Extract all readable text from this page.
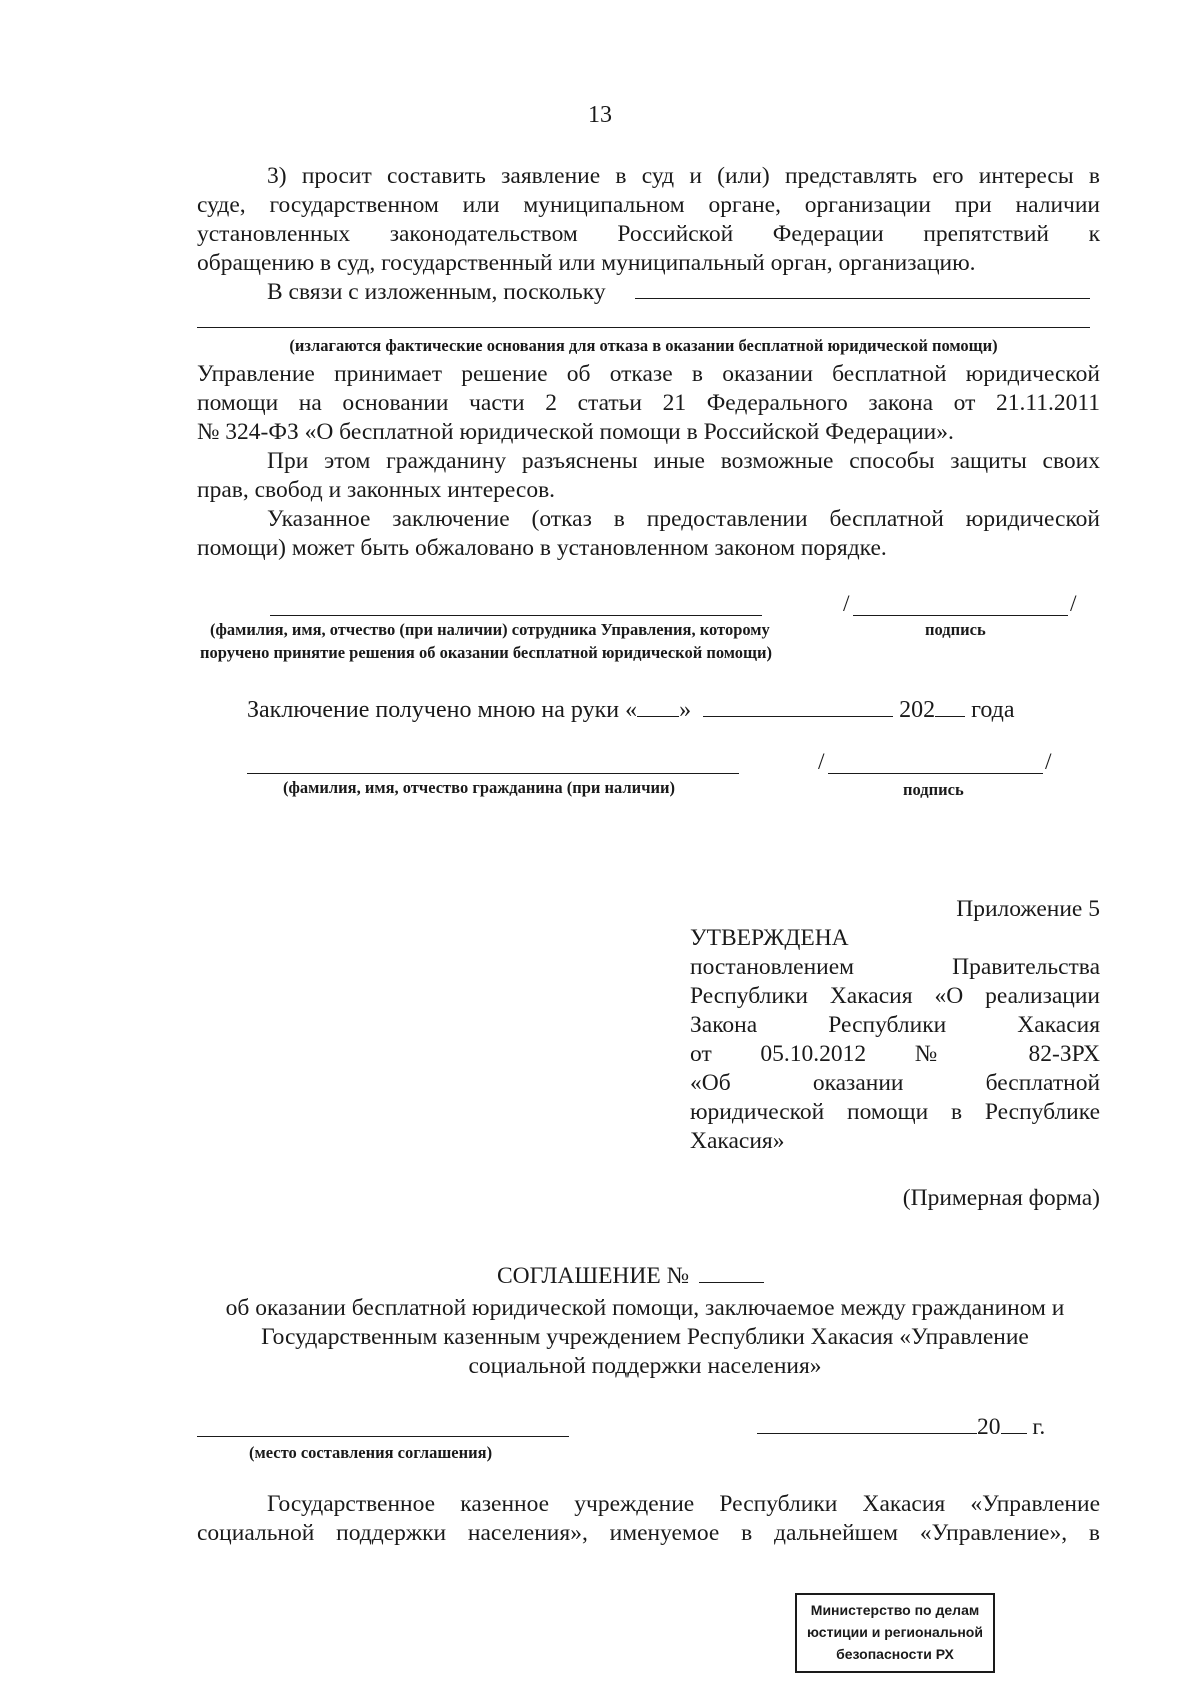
13
3) просит составить заявление в суд и (или) представлять его интересы в
суде, государственном или муниципальном органе, организации при наличии
установленных законодательством Российской Федерации препятствий к
обращению в суд, государственный или муниципальный орган, организацию.
В связи с изложенным, поскольку
(излагаются фактические основания для отказа в оказании бесплатной юридической помощи)
Управление принимает решение об отказе в оказании бесплатной юридической
помощи на основании части 2 статьи 21 Федерального закона от 21.11.2011
№ 324-ФЗ «О бесплатной юридической помощи в Российской Федерации».
При этом гражданину разъяснены иные возможные способы защиты своих
прав, свобод и законных интересов.
Указанное заключение (отказ в предоставлении бесплатной юридической
помощи) может быть обжаловано в установленном законом порядке.
/	/
(фамилия, имя, отчество (при наличии) сотрудника Управления, которому
поручено принятие решения об оказании бесплатной юридической помощи)
подпись
Заключение получено мною на руки « »	202 года
/	/
(фамилия, имя, отчество гражданина (при наличии)	подпись
Приложение 5
УТВЕРЖДЕНА
постановлением	Правительства
Республики Хакасия «О реализации
Закона	Республики	Хакасия
от 05.10.2012 № 82-ЗРХ
«Об	оказании	бесплатной
юридической помощи в Республике
Хакасия»
(Примерная форма)
СОГЛАШЕНИЕ №
об оказании бесплатной юридической помощи, заключаемое между гражданином и
Государственным казенным учреждением Республики Хакасия «Управление
социальной поддержки населения»
(место составления соглашения)
20 г.
Государственное казенное учреждение Республики Хакасия «Управление
социальной поддержки населения», именуемое в дальнейшем «Управление», в
Министерство по делам
юстиции и региональной
безопасности РХ
